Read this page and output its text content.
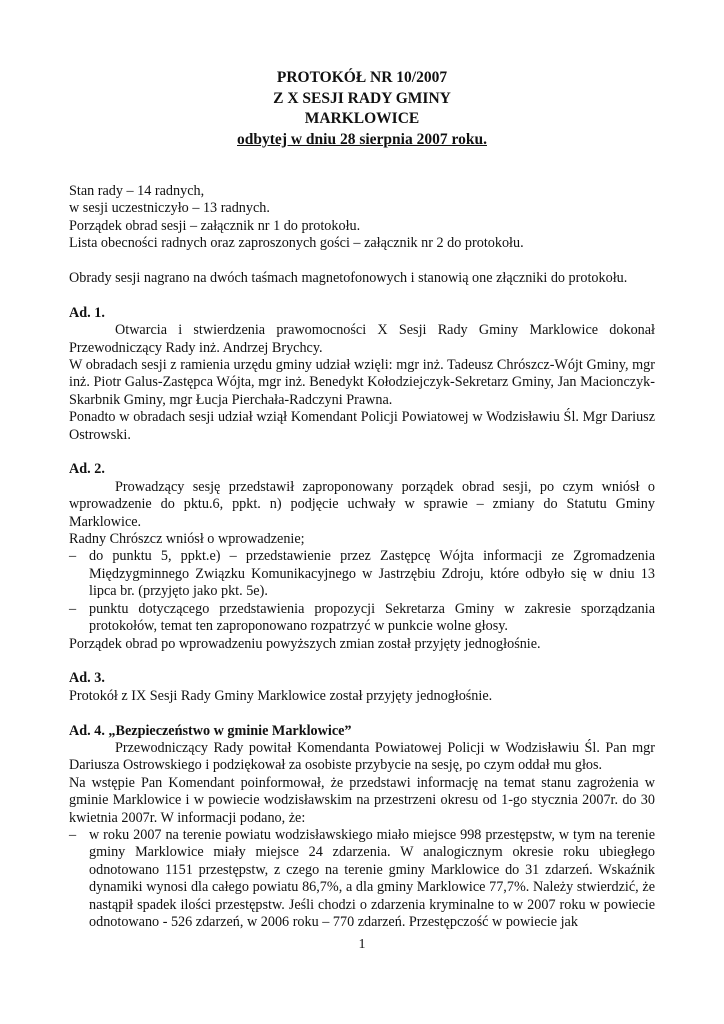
PROTOKÓŁ NR 10/2007
Z X SESJI RADY GMINY
MARKLOWICE
odbytej w dniu 28 sierpnia 2007 roku.

Stan rady – 14 radnych,

w sesji uczestniczyło – 13 radnych.

Porządek obrad sesji – załącznik nr 1 do protokołu.

Lista obecności radnych oraz zaproszonych gości – załącznik nr 2 do protokołu.

Obrady sesji nagrano na dwóch taśmach magnetofonowych i stanowią one złączniki do protokołu.

Ad. 1.

Otwarcia i stwierdzenia prawomocności X Sesji Rady Gminy Marklowice dokonał Przewodniczący Rady inż. Andrzej Brychcy.

W obradach sesji z ramienia urzędu gminy udział wzięli: mgr inż. Tadeusz Chrószcz-Wójt Gminy, mgr inż. Piotr Galus-Zastępca Wójta, mgr inż. Benedykt Kołodziejczyk-Sekretarz Gminy, Jan Macionczyk-Skarbnik Gminy, mgr Łucja Pierchała-Radczyni Prawna.

Ponadto w obradach sesji udział wziął Komendant Policji Powiatowej w Wodzisławiu Śl. Mgr Dariusz Ostrowski.

Ad. 2.

Prowadzący sesję przedstawił zaproponowany porządek obrad sesji, po czym wniósł o wprowadzenie do pktu.6, ppkt. n) podjęcie uchwały w sprawie – zmiany do Statutu Gminy Marklowice.

Radny Chrószcz wniósł o wprowadzenie;

– do punktu 5, ppkt.e) – przedstawienie przez Zastępcę Wójta informacji ze Zgromadzenia Międzygminnego Związku Komunikacyjnego w Jastrzębiu Zdroju, które odbyło się w dniu 13 lipca br. (przyjęto jako pkt. 5e).
– punktu dotyczącego przedstawienia propozycji Sekretarza Gminy w zakresie sporządzania protokołów, temat ten zaproponowano rozpatrzyć w punkcie wolne głosy.

Porządek obrad po wprowadzeniu powyższych zmian został przyjęty jednogłośnie.

Ad. 3.

Protokół z IX Sesji Rady Gminy Marklowice został przyjęty jednogłośnie.

Ad. 4. „Bezpieczeństwo w gminie Marklowice”

Przewodniczący Rady powitał Komendanta Powiatowej Policji w Wodzisławiu Śl. Pan mgr Dariusza Ostrowskiego i podziękował za osobiste przybycie na sesję, po czym oddał mu głos.

Na wstępie Pan Komendant poinformował, że przedstawi informację na temat stanu zagrożenia w gminie Marklowice i w powiecie wodzisławskim na przestrzeni okresu od 1-go stycznia 2007r. do 30 kwietnia 2007r. W informacji podano, że:

– w roku 2007 na terenie powiatu wodzisławskiego miało miejsce 998 przestępstw, w tym na terenie gminy Marklowice miały miejsce 24 zdarzenia. W analogicznym okresie roku ubiegłego odnotowano 1151 przestępstw, z czego na terenie gminy Marklowice do 31 zdarzeń. Wskaźnik dynamiki wynosi dla całego powiatu 86,7%, a dla gminy Marklowice 77,7%. Należy stwierdzić, że nastąpił spadek ilości przestępstw. Jeśli chodzi o zdarzenia kryminalne to w 2007 roku w powiecie odnotowano - 526 zdarzeń, w 2006 roku – 770 zdarzeń. Przestępczość w powiecie jak
1
